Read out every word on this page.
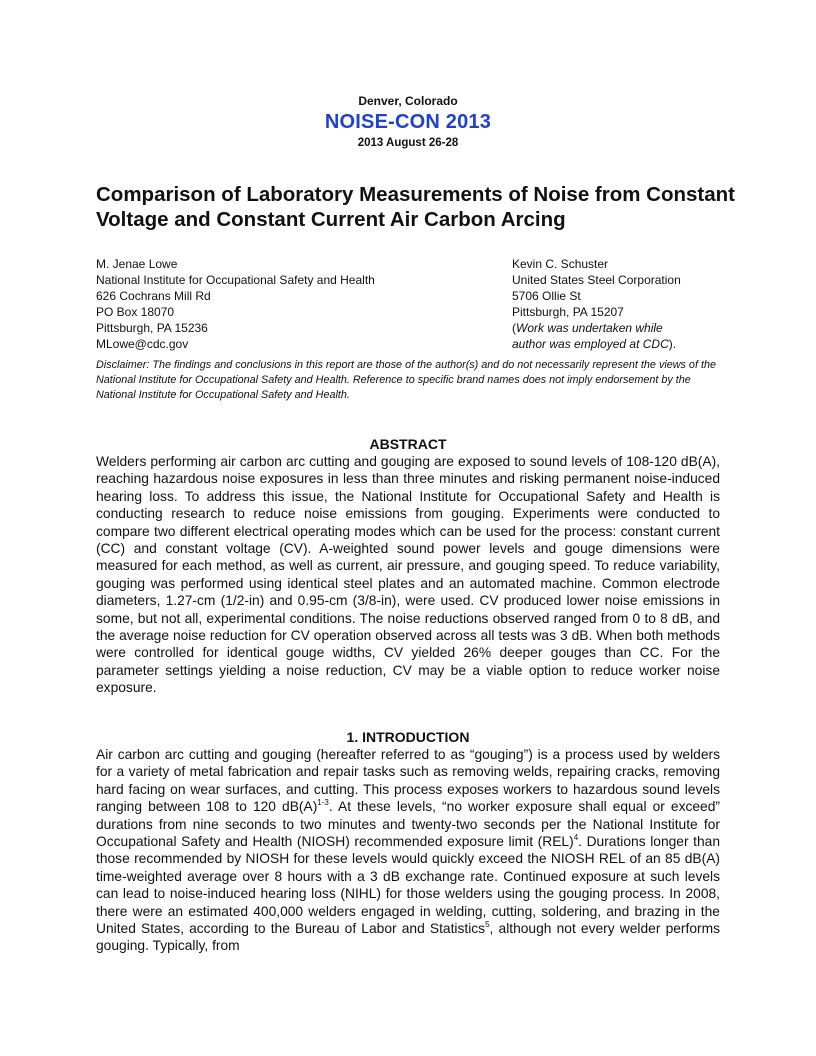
Denver, Colorado
NOISE-CON 2013
2013 August 26-28
Comparison of Laboratory Measurements of Noise from Constant Voltage and Constant Current Air Carbon Arcing
M. Jenae Lowe
National Institute for Occupational Safety and Health
626 Cochrans Mill Rd
PO Box 18070
Pittsburgh, PA 15236
MLowe@cdc.gov
Kevin C. Schuster
United States Steel Corporation
5706 Ollie St
Pittsburgh, PA 15207
(Work was undertaken while
author was employed at CDC).
Disclaimer: The findings and conclusions in this report are those of the author(s) and do not necessarily represent the views of the National Institute for Occupational Safety and Health. Reference to specific brand names does not imply endorsement by the National Institute for Occupational Safety and Health.
ABSTRACT

Welders performing air carbon arc cutting and gouging are exposed to sound levels of 108-120 dB(A), reaching hazardous noise exposures in less than three minutes and risking permanent noise-induced hearing loss. To address this issue, the National Institute for Occupational Safety and Health is conducting research to reduce noise emissions from gouging. Experiments were conducted to compare two different electrical operating modes which can be used for the process: constant current (CC) and constant voltage (CV). A-weighted sound power levels and gouge dimensions were measured for each method, as well as current, air pressure, and gouging speed. To reduce variability, gouging was performed using identical steel plates and an automated machine. Common electrode diameters, 1.27-cm (1/2-in) and 0.95-cm (3/8-in), were used. CV produced lower noise emissions in some, but not all, experimental conditions. The noise reductions observed ranged from 0 to 8 dB, and the average noise reduction for CV operation observed across all tests was 3 dB. When both methods were controlled for identical gouge widths, CV yielded 26% deeper gouges than CC. For the parameter settings yielding a noise reduction, CV may be a viable option to reduce worker noise exposure.

1. INTRODUCTION

Air carbon arc cutting and gouging (hereafter referred to as “gouging”) is a process used by welders for a variety of metal fabrication and repair tasks such as removing welds, repairing cracks, removing hard facing on wear surfaces, and cutting. This process exposes workers to hazardous sound levels ranging between 108 to 120 $dB(A)^{1-3}$. At these levels, “no worker exposure shall equal or exceed” durations from nine seconds to two minutes and twenty-two seconds per the National Institute for Occupational Safety and Health (NIOSH) recommended exposure limit (REL)$^4$. Durations longer than those recommended by NIOSH for these levels would quickly exceed the NIOSH REL of an 85 dB(A) time-weighted average over 8 hours with a 3 dB exchange rate. Continued exposure at such levels can lead to noise-induced hearing loss (NIHL) for those welders using the gouging process. In 2008, there were an estimated 400,000 welders engaged in welding, cutting, soldering, and brazing in the United States, according to the Bureau of Labor and Statistics$^5$, although not every welder performs gouging. Typically, from
